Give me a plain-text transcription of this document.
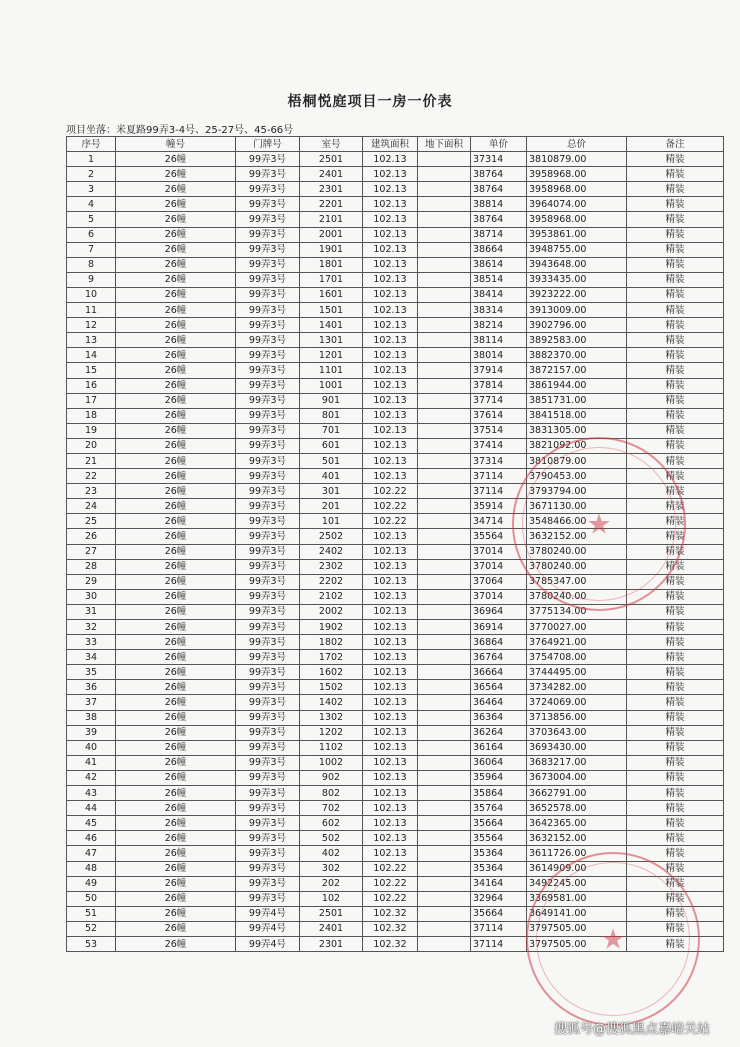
梧桐悦庭项目一房一价表
项目坐落：米夏路99弄3-4号、25-27号、45-66号
序号	幢号	门牌号	室号	建筑面积	地下面积	单价	总价	备注
1	26幢	99弄3号	2501	102.13		37314	3810879.00	精装
2	26幢	99弄3号	2401	102.13		38764	3958968.00	精装
3	26幢	99弄3号	2301	102.13		38764	3958968.00	精装
4	26幢	99弄3号	2201	102.13		38814	3964074.00	精装
5	26幢	99弄3号	2101	102.13		38764	3958968.00	精装
6	26幢	99弄3号	2001	102.13		38714	3953861.00	精装
7	26幢	99弄3号	1901	102.13		38664	3948755.00	精装
8	26幢	99弄3号	1801	102.13		38614	3943648.00	精装
9	26幢	99弄3号	1701	102.13		38514	3933435.00	精装
10	26幢	99弄3号	1601	102.13		38414	3923222.00	精装
11	26幢	99弄3号	1501	102.13		38314	3913009.00	精装
12	26幢	99弄3号	1401	102.13		38214	3902796.00	精装
13	26幢	99弄3号	1301	102.13		38114	3892583.00	精装
14	26幢	99弄3号	1201	102.13		38014	3882370.00	精装
15	26幢	99弄3号	1101	102.13		37914	3872157.00	精装
16	26幢	99弄3号	1001	102.13		37814	3861944.00	精装
17	26幢	99弄3号	901	102.13		37714	3851731.00	精装
18	26幢	99弄3号	801	102.13		37614	3841518.00	精装
19	26幢	99弄3号	701	102.13		37514	3831305.00	精装
20	26幢	99弄3号	601	102.13		37414	3821092.00	精装
21	26幢	99弄3号	501	102.13		37314	3810879.00	精装
22	26幢	99弄3号	401	102.13		37114	3790453.00	精装
23	26幢	99弄3号	301	102.22		37114	3793794.00	精装
24	26幢	99弄3号	201	102.22		35914	3671130.00	精装
25	26幢	99弄3号	101	102.22		34714	3548466.00	精装
26	26幢	99弄3号	2502	102.13		35564	3632152.00	精装
27	26幢	99弄3号	2402	102.13		37014	3780240.00	精装
28	26幢	99弄3号	2302	102.13		37014	3780240.00	精装
29	26幢	99弄3号	2202	102.13		37064	3785347.00	精装
30	26幢	99弄3号	2102	102.13		37014	3780240.00	精装
31	26幢	99弄3号	2002	102.13		36964	3775134.00	精装
32	26幢	99弄3号	1902	102.13		36914	3770027.00	精装
33	26幢	99弄3号	1802	102.13		36864	3764921.00	精装
34	26幢	99弄3号	1702	102.13		36764	3754708.00	精装
35	26幢	99弄3号	1602	102.13		36664	3744495.00	精装
36	26幢	99弄3号	1502	102.13		36564	3734282.00	精装
37	26幢	99弄3号	1402	102.13		36464	3724069.00	精装
38	26幢	99弄3号	1302	102.13		36364	3713856.00	精装
39	26幢	99弄3号	1202	102.13		36264	3703643.00	精装
40	26幢	99弄3号	1102	102.13		36164	3693430.00	精装
41	26幢	99弄3号	1002	102.13		36064	3683217.00	精装
42	26幢	99弄3号	902	102.13		35964	3673004.00	精装
43	26幢	99弄3号	802	102.13		35864	3662791.00	精装
44	26幢	99弄3号	702	102.13		35764	3652578.00	精装
45	26幢	99弄3号	602	102.13		35664	3642365.00	精装
46	26幢	99弄3号	502	102.13		35564	3632152.00	精装
47	26幢	99弄3号	402	102.13		35364	3611726.00	精装
48	26幢	99弄3号	302	102.22		35364	3614909.00	精装
49	26幢	99弄3号	202	102.22		34164	3492245.00	精装
50	26幢	99弄3号	102	102.22		32964	3369581.00	精装
51	26幢	99弄4号	2501	102.32		35664	3649141.00	精装
52	26幢	99弄4号	2401	102.32		37114	3797505.00	精装
53	26幢	99弄4号	2301	102.32		37114	3797505.00	精装
★
★
搜狐号@搜狐黑点嘉峪关站
